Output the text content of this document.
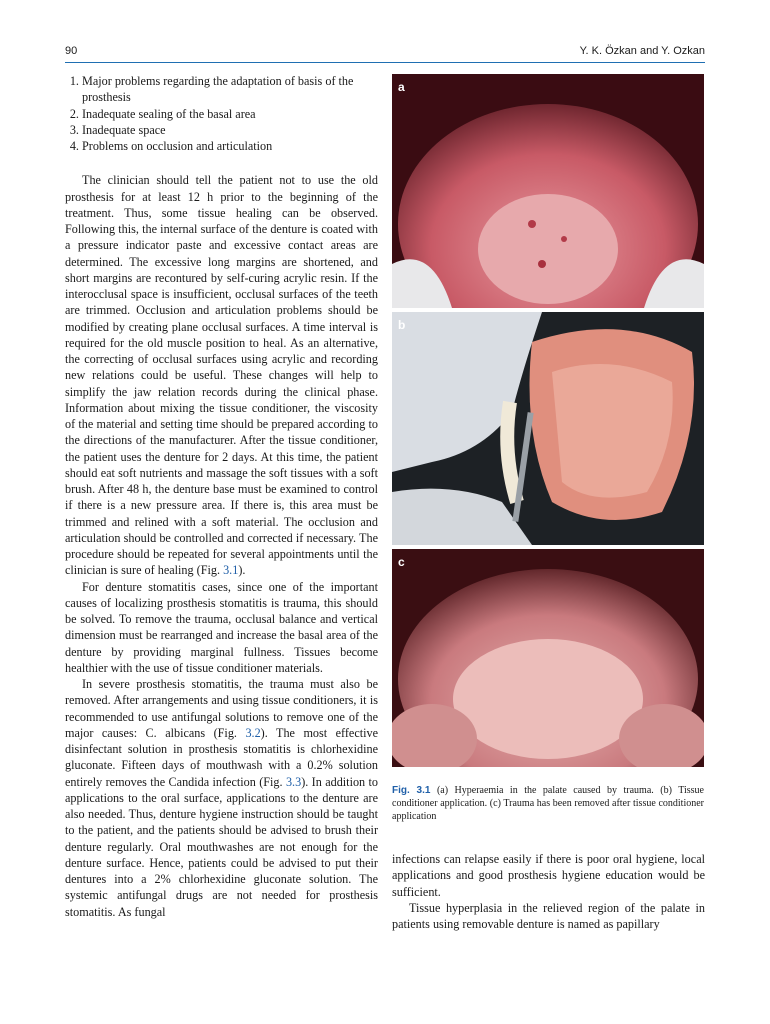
90	Y. K. Özkan and Y. Ozkan
1. Major problems regarding the adaptation of basis of the prosthesis
2. Inadequate sealing of the basal area
3. Inadequate space
4. Problems on occlusion and articulation

The clinician should tell the patient not to use the old prosthesis for at least 12 h prior to the beginning of the treatment. Thus, some tissue healing can be observed. Following this, the internal surface of the denture is coated with a pressure indicator paste and excessive contact areas are determined. The excessive long margins are shortened, and short margins are recontured by self-curing acrylic resin. If the interocclusal space is insufficient, occlusal surfaces of the teeth are trimmed. Occlusion and articulation problems should be modified by creating plane occlusal surfaces. A time interval is required for the old muscle position to heal. As an alternative, the correcting of occlusal surfaces using acrylic and recording new relations could be useful. These changes will help to simplify the jaw relation records during the clinical phase. Information about mixing the tissue conditioner, the viscosity of the material and setting time should be prepared according to the directions of the manufacturer. After the tissue conditioner, the patient uses the denture for 2 days. At this time, the patient should eat soft nutrients and massage the soft tissues with a soft brush. After 48 h, the denture base must be examined to control if there is a new pressure area. If there is, this area must be trimmed and relined with a soft material. The occlusion and articulation should be controlled and corrected if necessary. The procedure should be repeated for several appointments until the clinician is sure of healing (Fig. 3.1).

For denture stomatitis cases, since one of the important causes of localizing prosthesis stomatitis is trauma, this should be solved. To remove the trauma, occlusal balance and vertical dimension must be rearranged and increase the basal area of the denture by providing marginal fullness. Tissues become healthier with the use of tissue conditioner materials.

In severe prosthesis stomatitis, the trauma must also be removed. After arrangements and using tissue conditioners, it is recommended to use antifungal solutions to remove one of the major causes: C. albicans (Fig. 3.2). The most effective disinfectant solution in prosthesis stomatitis is chlorhexidine gluconate. Fifteen days of mouthwash with a 0.2% solution entirely removes the Candida infection (Fig. 3.3). In addition to applications to the oral surface, applications to the denture are also needed. Thus, denture hygiene instruction should be taught to the patient, and the patients should be advised to brush their denture regularly. Oral mouthwashes are not enough for the denture surface. Hence, patients could be advised to put their dentures into a 2% chlorhexidine gluconate solution. The systemic antifungal drugs are not needed for prosthesis stomatitis. As fungal

a
b
c
Fig. 3.1 (a) Hyperaemia in the palate caused by trauma. (b) Tissue conditioner application. (c) Trauma has been removed after tissue conditioner application

infections can relapse easily if there is poor oral hygiene, local applications and good prosthesis hygiene education would be sufficient.

Tissue hyperplasia in the relieved region of the palate in patients using removable denture is named as papillary
